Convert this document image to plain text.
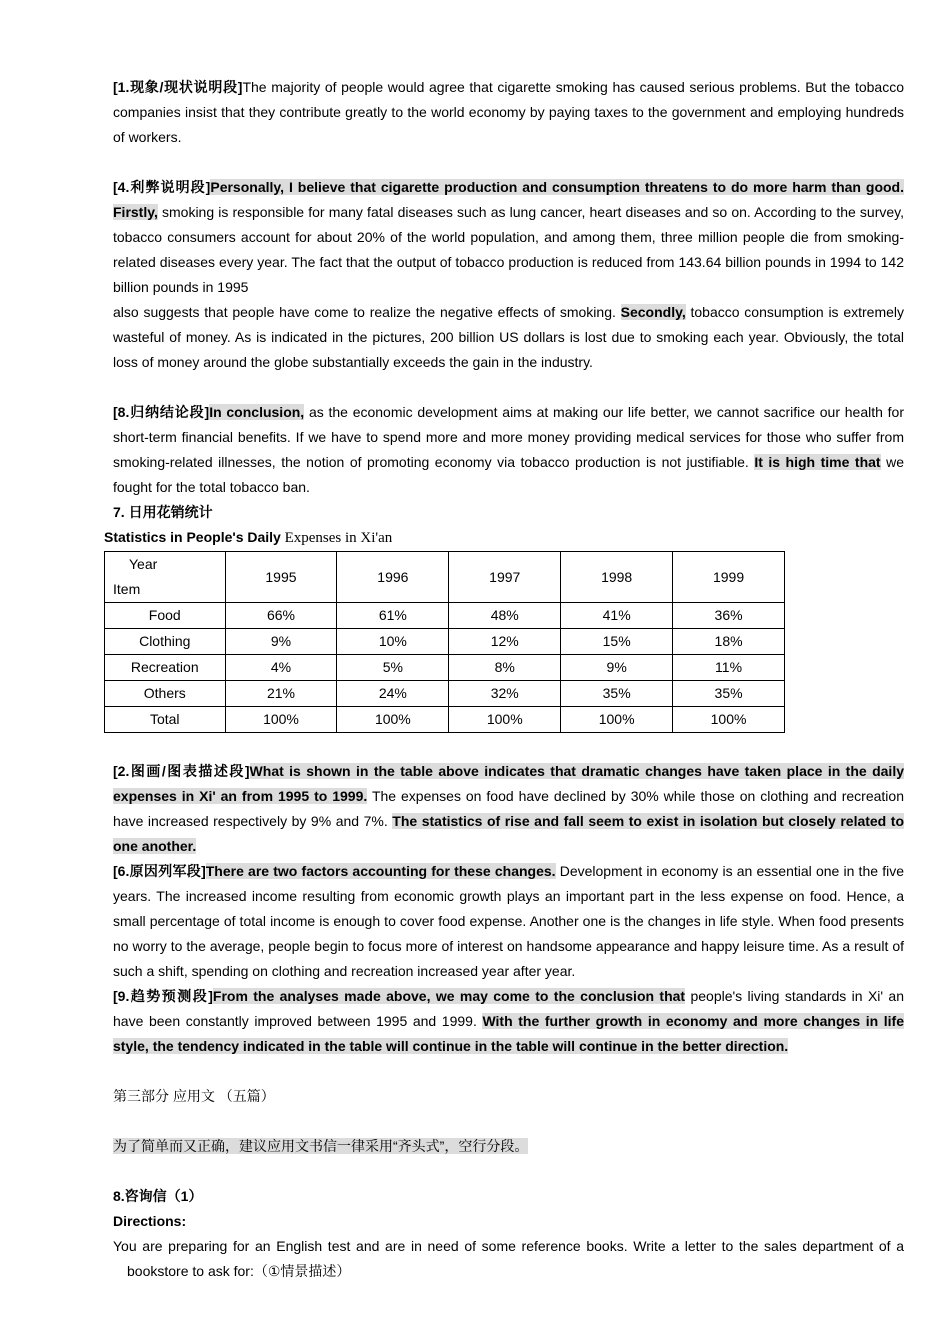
[1.现象/现状说明段]The majority of people would agree that cigarette smoking has caused serious problems. But the tobacco companies insist that they contribute greatly to the world economy by paying taxes to the government and employing hundreds of workers.

[4.利弊说明段]Personally, I believe that cigarette production and consumption threatens to do more harm than good. Firstly, smoking is responsible for many fatal diseases such as lung cancer, heart diseases and so on. According to the survey, tobacco consumers account for about 20% of the world population, and among them, three million people die from smoking-related diseases every year. The fact that the output of tobacco production is reduced from 143.64 billion pounds in 1994 to 142 billion pounds in 1995

also suggests that people have come to realize the negative effects of smoking. Secondly, tobacco consumption is extremely wasteful of money. As is indicated in the pictures, 200 billion US dollars is lost due to smoking each year. Obviously, the total loss of money around the globe substantially exceeds the gain in the industry.

[8.归纳结论段]In conclusion, as the economic development aims at making our life better, we cannot sacrifice our health for short-term financial benefits. If we have to spend more and more money providing medical services for those who suffer from smoking-related illnesses, the notion of promoting economy via tobacco production is not justifiable. It is high time that we fought for the total tobacco ban.

7. 日用花销统计

Statistics in People's Daily Expenses in Xi'an
Year
Item	1995	1996	1997	1998	1999
Food	66%	61%	48%	41%	36%
Clothing	9%	10%	12%	15%	18%
Recreation	4%	5%	8%	9%	11%
Others	21%	24%	32%	35%	35%
Total	100%	100%	100%	100%	100%

[2.图画/图表描述段]What is shown in the table above indicates that dramatic changes have taken place in the daily expenses in Xi' an from 1995 to 1999. The expenses on food have declined by 30% while those on clothing and recreation have increased respectively by 9% and 7%. The statistics of rise and fall seem to exist in isolation but closely related to one another.

[6.原因列军段]There are two factors accounting for these changes. Development in economy is an essential one in the five years. The increased income resulting from economic growth plays an important part in the less expense on food. Hence, a small percentage of total income is enough to cover food expense. Another one is the changes in life style. When food presents no worry to the average, people begin to focus more of interest on handsome appearance and happy leisure time. As a result of such a shift, spending on clothing and recreation increased year after year.

[9.趋势预测段]From the analyses made above, we may come to the conclusion that people's living standards in Xi' an have been constantly improved between 1995 and 1999. With the further growth in economy and more changes in life style, the tendency indicated in the table will continue in the table will continue in the better direction.

第三部分 应用文 （五篇）

为了简单而又正确，建议应用文书信一律采用“齐头式”，空行分段。

8.咨询信（1）

Directions:

You are preparing for an English test and are in need of some reference books. Write a letter to the sales department of a bookstore to ask for:（①情景描述）
